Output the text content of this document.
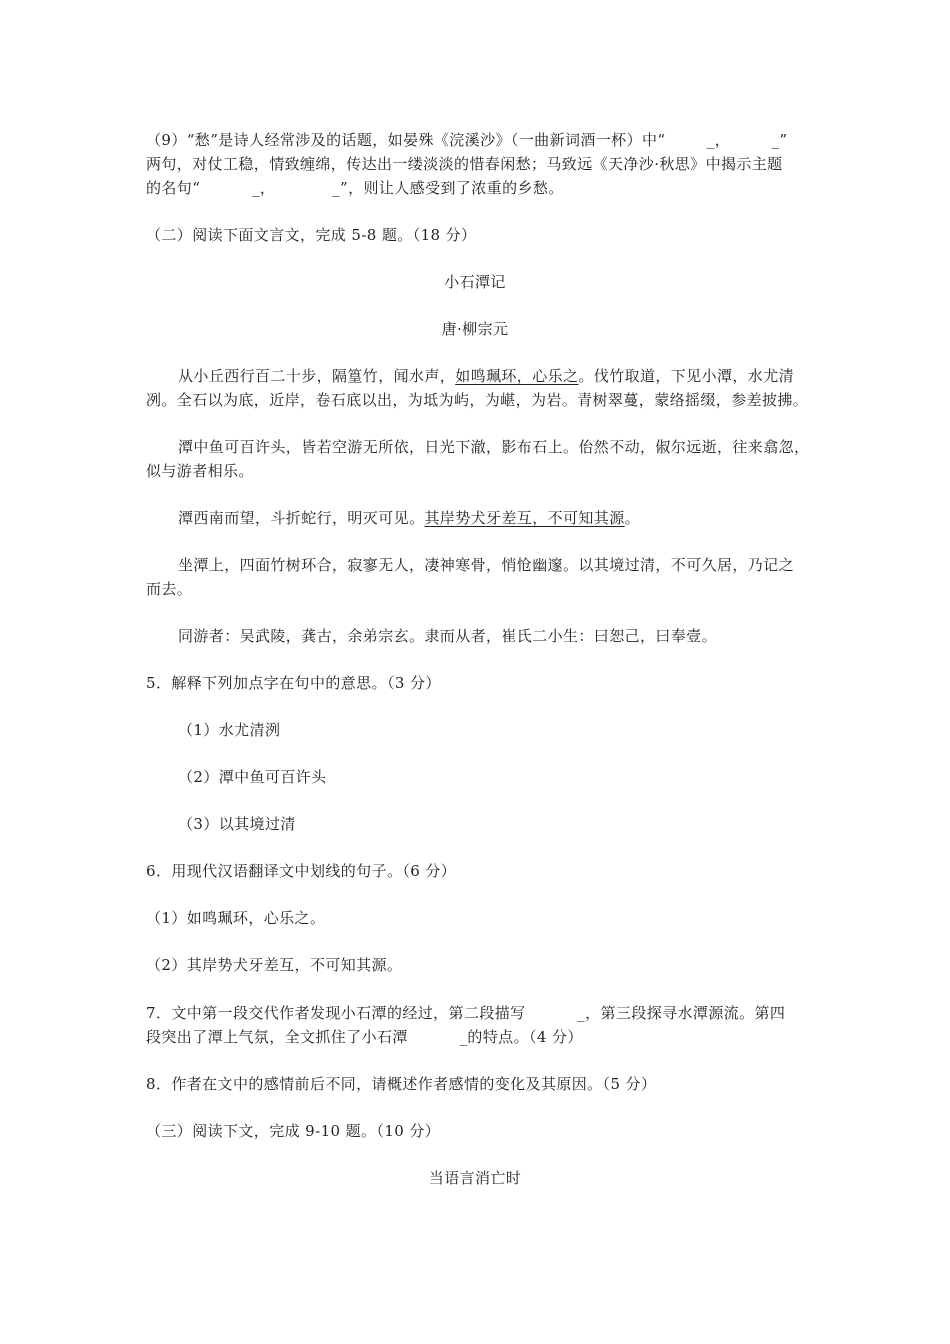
（9）“愁”是诗人经常涉及的话题，如晏殊《浣溪沙》（一曲新词酒一杯）中“        _，        _”
两句，对仗工稳，情致缠绵，传达出一缕淡淡的惜春闲愁；马致远《天净沙·秋思》中揭示主题
的名句“          _，           _”，则让人感受到了浓重的乡愁。
（二）阅读下面文言文，完成 5-8 题。（18 分）
小石潭记
唐·柳宗元
从小丘西行百二十步，隔篁竹，闻水声，如鸣珮环，心乐之。伐竹取道，下见小潭，水尤清
冽。全石以为底，近岸，卷石底以出，为坻为屿，为嵁，为岩。青树翠蔓，蒙络摇缀，参差披拂。
潭中鱼可百许头，皆若空游无所依，日光下澈，影布石上。佁然不动，俶尔远逝，往来翕忽，
似与游者相乐。
潭西南而望，斗折蛇行，明灭可见。其岸势犬牙差互，不可知其源。
坐潭上，四面竹树环合，寂寥无人，凄神寒骨，悄怆幽邃。以其境过清，不可久居，乃记之
而去。
同游者：吴武陵，龚古，余弟宗玄。隶而从者，崔氏二小生：曰恕己，曰奉壹。
5．解释下列加点字在句中的意思。（3 分）
（1）水尤清洌
（2）潭中鱼可百许头
（3）以其境过清
6．用现代汉语翻译文中划线的句子。（6 分）
（1）如鸣珮环，心乐之。
（2）其岸势犬牙差互，不可知其源。
7．文中第一段交代作者发现小石潭的经过，第二段描写          _，第三段探寻水潭源流。第四
段突出了潭上气氛，全文抓住了小石潭          _的特点。（4 分）
8．作者在文中的感情前后不同，请概述作者感情的变化及其原因。（5 分）
（三）阅读下文，完成 9-10 题。（10 分）
当语言消亡时
